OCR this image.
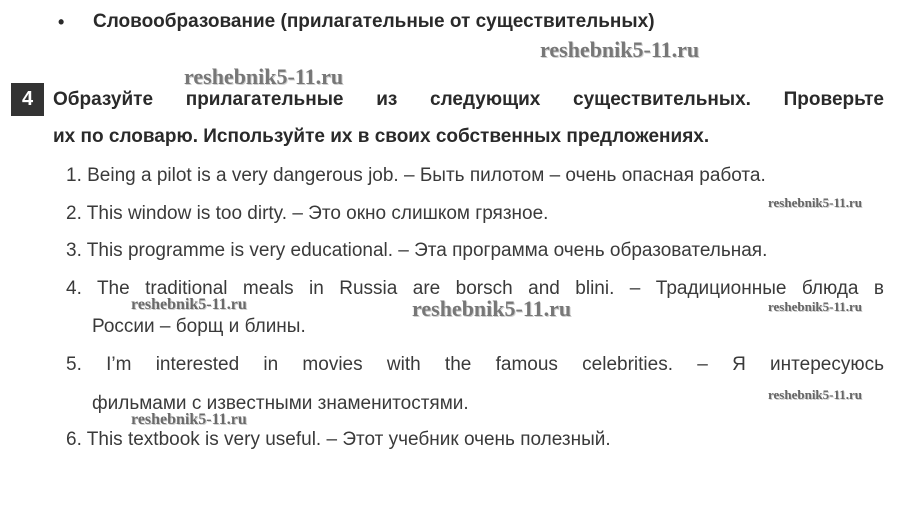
• Словообразование (прилагательные от существительных)
reshebnik5-11.ru
reshebnik5-11.ru
4	Образуйте прилагательные из следующих существительных. Проверьте
их по словарю. Используйте их в своих собственных предложениях.
1. Being a pilot is a very dangerous job. – Быть пилотом – очень опасная работа.
reshebnik5-11.ru
2. This window is too dirty. – Это окно слишком грязное.
3. This programme is very educational. – Эта программа очень образовательная.
4. The traditional meals in Russia are borsch and blini. – Традиционные блюда в
reshebnik5-11.ru	reshebnik5-11.ru	reshebnik5-11.ru
России – борщ и блины.
5. I’m interested in movies with the famous celebrities. – Я интересуюсь
reshebnik5-11.ru
фильмами с известными знаменитостями.
reshebnik5-11.ru
6. This textbook is very useful. – Этот учебник очень полезный.
